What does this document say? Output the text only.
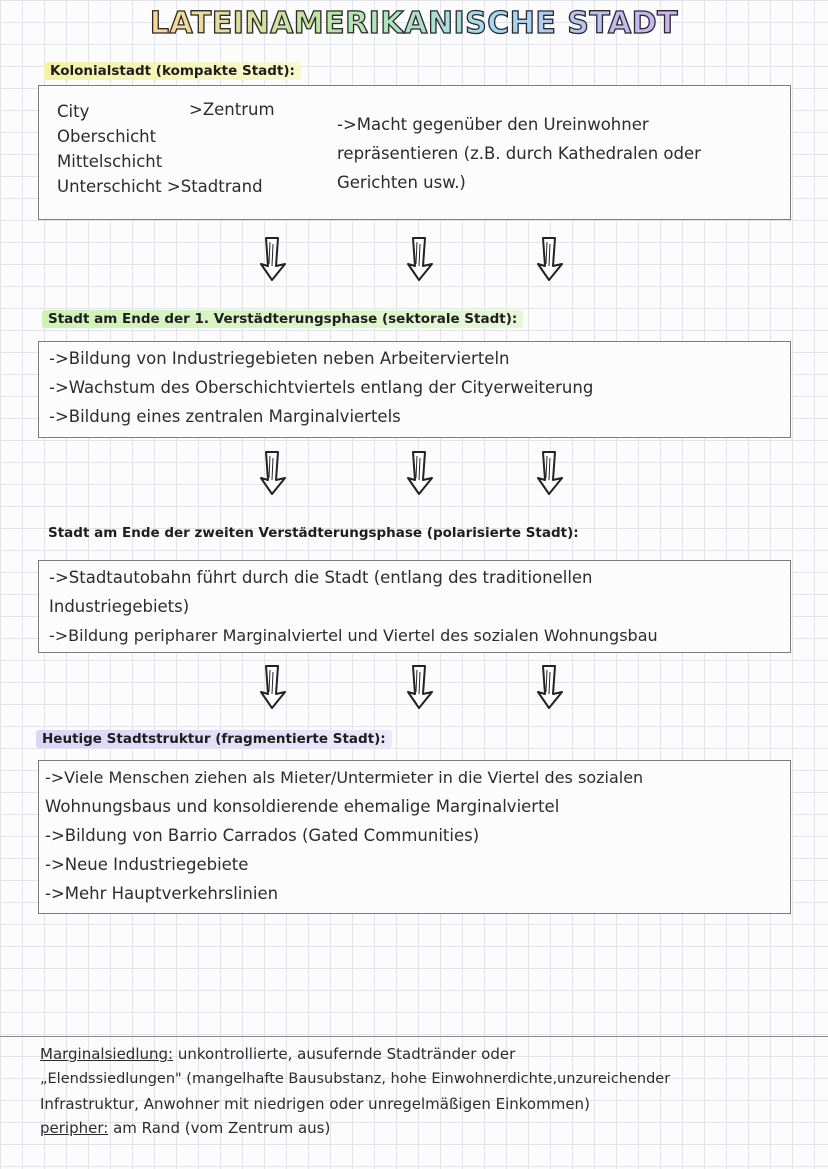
LATEINAMERIKANISCHE STADT
Kolonialstadt (kompakte Stadt):
City
Oberschicht
Mittelschicht
Unterschicht >Stadtrand
>Zentrum
->Macht gegenüber den Ureinwohner
repräsentieren (z.B. durch Kathedralen oder
Gerichten usw.)
Stadt am Ende der 1. Verstädterungsphase (sektorale Stadt):
->Bildung von Industriegebieten neben Arbeitervierteln
->Wachstum des Oberschichtviertels entlang der Cityerweiterung
->Bildung eines zentralen Marginalviertels
Stadt am Ende der zweiten Verstädterungsphase (polarisierte Stadt):
->Stadtautobahn führt durch die Stadt (entlang des traditionellen
Industriegebiets)
->Bildung peripharer Marginalviertel und Viertel des sozialen Wohnungsbau
Heutige Stadtstruktur (fragmentierte Stadt):
->Viele Menschen ziehen als Mieter/Untermieter in die Viertel des sozialen
Wohnungsbaus und konsoldierende ehemalige Marginalviertel
->Bildung von Barrio Carrados (Gated Communities)
->Neue Industriegebiete
->Mehr Hauptverkehrslinien
Marginalsiedlung: unkontrollierte, ausufernde Stadtränder oder
„Elendssiedlungen" (mangelhafte Bausubstanz, hohe Einwohnerdichte,unzureichender
Infrastruktur, Anwohner mit niedrigen oder unregelmäßigen Einkommen)
peripher: am Rand (vom Zentrum aus)
